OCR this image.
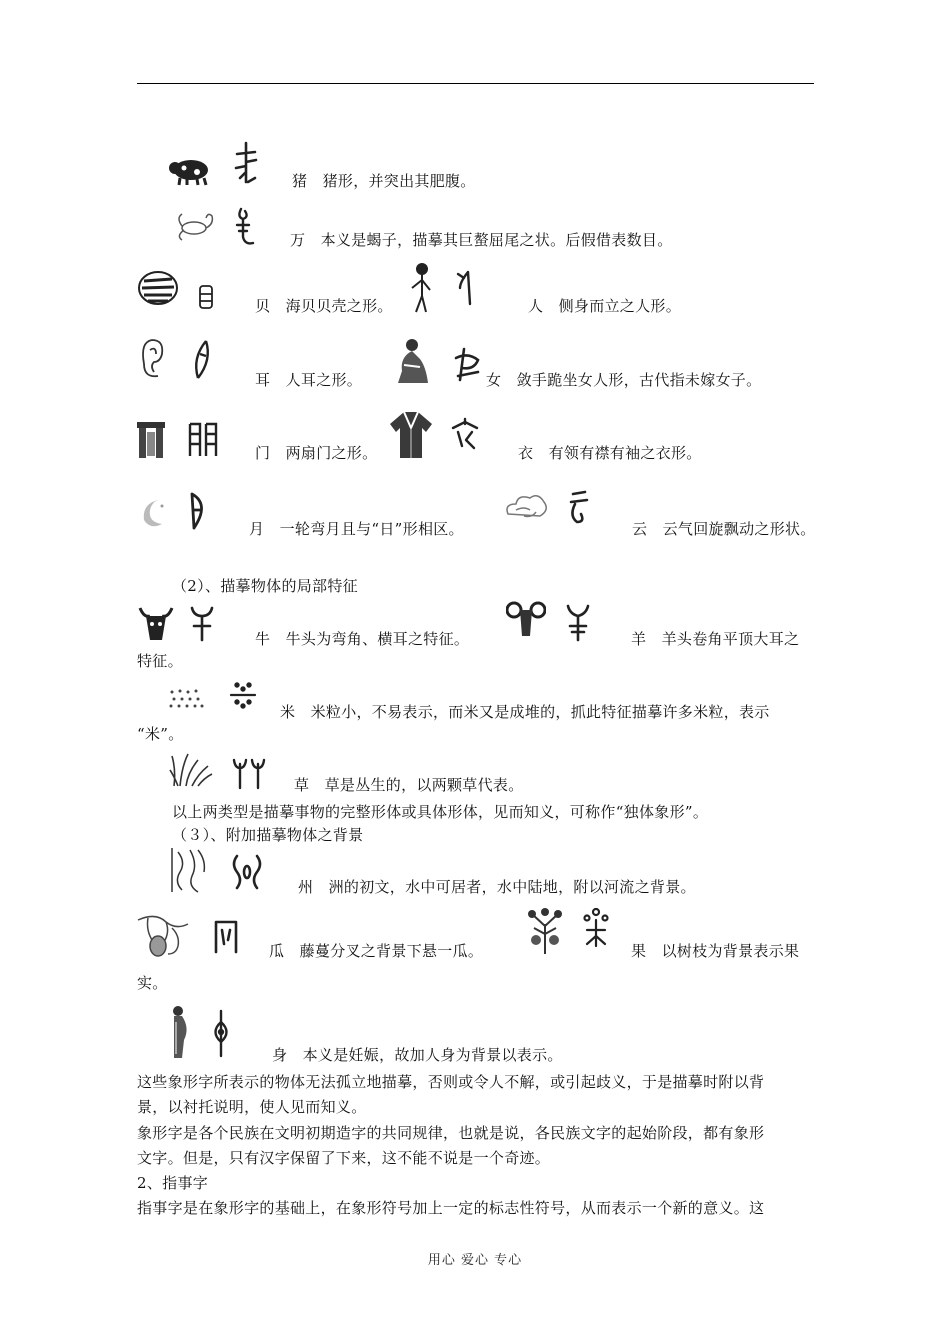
猪　猪形，并突出其肥腹。
万　本义是蝎子，描摹其巨螯屈尾之状。后假借表数目。
贝　海贝贝壳之形。	人　侧身而立之人形。
耳　人耳之形。	女　敛手跪坐女人形，古代指未嫁女子。
门　两扇门之形。	衣　有领有襟有袖之衣形。
月　一轮弯月且与“日”形相区。	云　云气回旋飘动之形状。
（2）、描摹物体的局部特征
牛　牛头为弯角、横耳之特征。	羊　羊头卷角平顶大耳之
特征。
米　米粒小，不易表示，而米又是成堆的，抓此特征描摹许多米粒，表示
“米”。
草　草是丛生的，以两颗草代表。
以上两类型是描摹事物的完整形体或具体形体，见而知义，可称作“独体象形”。
（３）、附加描摹物体之背景
州　洲的初文，水中可居者，水中陆地，附以河流之背景。
瓜　藤蔓分叉之背景下悬一瓜。	果　以树枝为背景表示果
实。
身　本义是妊娠，故加人身为背景以表示。
这些象形字所表示的物体无法孤立地描摹，否则或令人不解，或引起歧义，于是描摹时附以背
景，以衬托说明，使人见而知义。
象形字是各个民族在文明初期造字的共同规律，也就是说，各民族文字的起始阶段，都有象形
文字。但是，只有汉字保留了下来，这不能不说是一个奇迹。
2、指事字
指事字是在象形字的基础上，在象形符号加上一定的标志性符号，从而表示一个新的意义。这
用心 爱心 专心
